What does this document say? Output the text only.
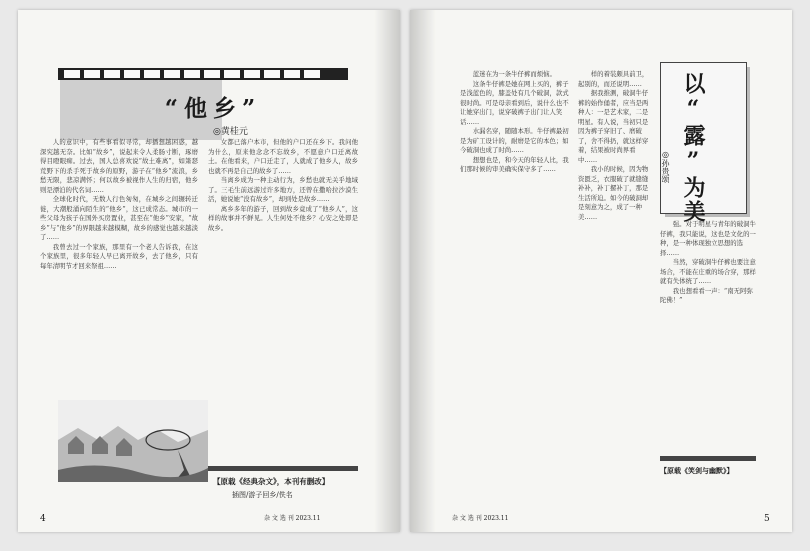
“他乡”
◎黄桂元

人的意识中，有些事看似寻常，却播想越困惑，越深究越无奈。比如“故乡”，说起来令人柔肠寸断，琢磨得目瞪眼痴。过去，国人总喜欢说“故土难离”，如箫瑟荒野下的杀手死于故乡的原野，游子在“他乡”流浪，乡愁无限，悲凉满怀；何以故乡被视作人生的归宿，他乡则是漂泊的代名词……

全球化时代，无数人行色匆匆，在城乡之间辗转迁徙，大潮般涌向陌生的“他乡”，这已成常态。城市的一些父母为孩子在国外买房置业，甚至在“他乡”安家，“故乡”与“他乡”的界限越来越模糊，故乡的感觉也越来越淡了……

我曾去过一个家族，那里有一个老人告诉我，在这个家族里，很多年轻人早已离开故乡，去了他乡，只有每年清明节才回来祭祖……

女都已落户本市，但他的户口还在乡下。我问他为什么，原来他念念不忘故乡，不愿意户口迁离故土。在他看来，户口迁走了，人就成了他乡人，故乡也就不再是自己的故乡了……

当离乡成为一种主动行为，乡愁也就无关乎地域了。三毛生前远游过许多地方，还曾在撒哈拉沙漠生活，她说她“没有故乡”，却到处是故乡……

离乡多年的游子，回到故乡竟成了“他乡人”，这样的故事并不鲜见。人生何处不他乡？心安之处即是故乡。

【原载《经典杂文》，本刊有删改】
插图/游子回乡/佚名
4	杂 文 选 刊 2023.11

蓝迷在为一条牛仔裤而烦恼。

这条牛仔裤是她在网上买的，裤子是浅蓝色的，膝盖处有几个破洞，款式很时尚。可是母亲看到后，说什么也不让她穿出门，说穿破裤子出门让人笑话……

水漏名穿，随随本形。牛仔裤最初是为矿工设计的，耐磨是它的本色；如今破洞也成了时尚……

想想也是，和今天的年轻人比，我们那时候的审美确实保守多了……

样的着装颇具前卫，起别的，而还说明……

据我推测，破洞牛仔裤的始作俑者，应当是两种人：一是艺术家，二是明星。有人说，当初只是因为裤子穿旧了、磨破了，舍不得扔，就这样穿着，结果被时尚界看中……

我小的时候，因为物资匮乏，衣服破了就缝缝补补，补丁摞补丁，那是生活所迫。如今的破洞却是刻意为之，成了一种美……	以“露”为美
◎孙贵颂

强。对于明星与青年的破洞牛仔裤，我只能说，这也是文化的一种，是一种体现独立思想的选择……

当然，穿破洞牛仔裤也要注意场合，不能在庄重的场合穿，那样就有失体统了……

我也想看看一声：“南无阿弥陀佛！”

【原载《笑剑与幽默》】
杂 文 选 刊 2023.11	5
